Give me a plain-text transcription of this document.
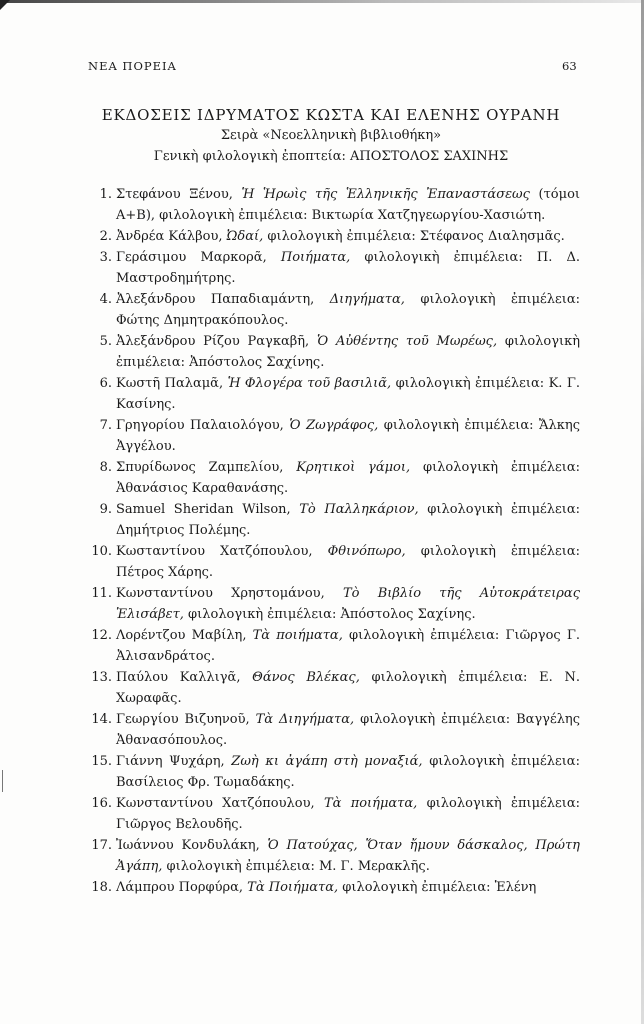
ΝΕΑ ΠΟΡΕΙΑ	63
ΕΚΔΟΣΕΙΣ ΙΔΡΥΜΑΤΟΣ ΚΩΣΤΑ ΚΑΙ ΕΛΕΝΗΣ ΟΥΡΑΝΗ
Σειρὰ «Νεοελληνικὴ βιβλιοθήκη»
Γενικὴ φιλολογικὴ ἐποπτεία: ΑΠΟΣΤΟΛΟΣ ΣΑΧΙΝΗΣ
1. Στεφάνου Ξένου, Ἡ Ἡρωὶς τῆς Ἑλληνικῆς Ἐπαναστάσεως (τόμοι Α+Β), φιλολογικὴ ἐπιμέλεια: Βικτωρία Χατζηγεωργίου-Χασιώτη.
2. Ἀνδρέα Κάλβου, Ὠδαί, φιλολογικὴ ἐπιμέλεια: Στέφανος Διαλησμᾶς.
3. Γεράσιμου Μαρκορᾶ, Ποιήματα, φιλολογικὴ ἐπιμέλεια: Π. Δ. Μαστροδημήτρης.
4. Ἀλεξάνδρου Παπαδιαμάντη, Διηγήματα, φιλολογικὴ ἐπιμέλεια: Φώτης Δημητρακόπουλος.
5. Ἀλεξάνδρου Ρίζου Ραγκαβῆ, Ὁ Αὐθέντης τοῦ Μωρέως, φιλολογικὴ ἐπιμέλεια: Ἀπόστολος Σαχίνης.
6. Κωστῆ Παλαμᾶ, Ἡ Φλογέρα τοῦ βασιλιᾶ, φιλολογικὴ ἐπιμέλεια: Κ. Γ. Κασίνης.
7. Γρηγορίου Παλαιολόγου, Ὁ Ζωγράφος, φιλολογικὴ ἐπιμέλεια: Ἄλκης Ἀγγέλου.
8. Σπυρίδωνος Ζαμπελίου, Κρητικοὶ γάμοι, φιλολογικὴ ἐπιμέλεια: Ἀθανάσιος Καραθανάσης.
9. Samuel Sheridan Wilson, Τὸ Παλληκάριον, φιλολογικὴ ἐπιμέλεια: Δημήτριος Πολέμης.
10. Κωσταντίνου Χατζόπουλου, Φθινόπωρο, φιλολογικὴ ἐπιμέλεια: Πέτρος Χάρης.
11. Κωνσταντίνου Χρηστομάνου, Τὸ Βιβλίο τῆς Αὐτοκράτειρας Ἐλισάβετ, φιλολογικὴ ἐπιμέλεια: Ἀπόστολος Σαχίνης.
12. Λορέντζου Μαβίλη, Τὰ ποιήματα, φιλολογικὴ ἐπιμέλεια: Γιῶργος Γ. Ἀλισανδράτος.
13. Παύλου Καλλιγᾶ, Θάνος Βλέκας, φιλολογικὴ ἐπιμέλεια: Ε. Ν. Χωραφᾶς.
14. Γεωργίου Βιζυηνοῦ, Τὰ Διηγήματα, φιλολογικὴ ἐπιμέλεια: Βαγγέλης Ἀθανασόπουλος.
15. Γιάννη Ψυχάρη, Ζωὴ κι ἀγάπη στὴ μοναξιά, φιλολογικὴ ἐπιμέλεια: Βασίλειος Φρ. Τωμαδάκης.
16. Κωνσταντίνου Χατζόπουλου, Τὰ ποιήματα, φιλολογικὴ ἐπιμέλεια: Γιῶργος Βελουδῆς.
17. Ἰωάννου Κονδυλάκη, Ὁ Πατούχας, Ὅταν ἤμουν δάσκαλος, Πρώτη Ἀγάπη, φιλολογικὴ ἐπιμέλεια: Μ. Γ. Μερακλῆς.
18. Λάμπρου Πορφύρα, Τὰ Ποιήματα, φιλολογικὴ ἐπιμέλεια: Ἑλένη
